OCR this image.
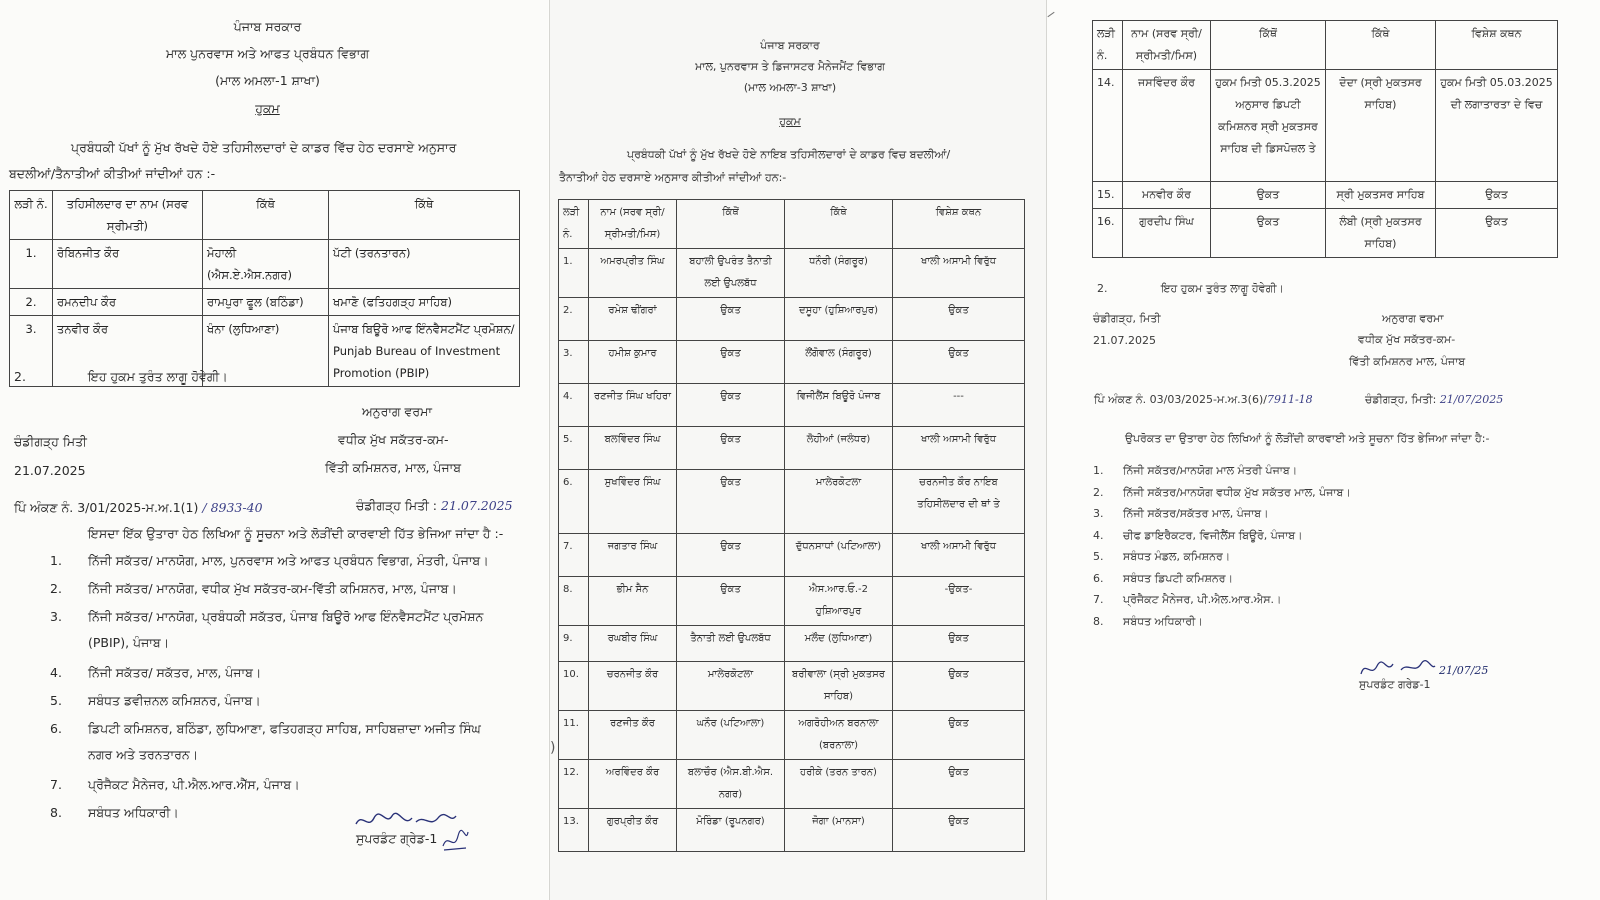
ਪੰਜਾਬ ਸਰਕਾਰ
ਮਾਲ ਪੁਨਰਵਾਸ ਅਤੇ ਆਫਤ ਪ੍ਰਬੰਧਨ ਵਿਭਾਗ
(ਮਾਲ ਅਮਲਾ-1 ਸ਼ਾਖਾ)
ਹੁਕਮ
ਪ੍ਰਬੰਧਕੀ ਪੱਖਾਂ ਨੂੰ ਮੁੱਖ ਰੱਖਦੇ ਹੋਏ ਤਹਿਸੀਲਦਾਰਾਂ ਦੇ ਕਾਡਰ ਵਿੱਚ ਹੇਠ ਦਰਸਾਏ ਅਨੁਸਾਰ
ਬਦਲੀਆਂ/ਤੈਨਾਤੀਆਂ ਕੀਤੀਆਂ ਜਾਂਦੀਆਂ ਹਨ :-
ਲੜੀ ਨੰ.	ਤਹਿਸੀਲਦਾਰ ਦਾ ਨਾਮ (ਸਰਵ ਸ੍ਰੀਮਤੀ)	ਕਿੱਥੋ	ਕਿੱਥੇ
1.	ਰੋਬਿਨਜੀਤ ਕੌਰ	ਮੋਹਾਲੀ (ਐਸ.ਏ.ਐਸ.ਨਗਰ)	ਪੱਟੀ (ਤਰਨਤਾਰਨ)
2.	ਰਮਨਦੀਪ ਕੌਰ	ਰਾਮਪੁਰਾ ਫੂਲ (ਬਠਿੰਡਾ)	ਖਮਾਣੋ (ਫਤਿਹਗੜ੍ਹ ਸਾਹਿਬ)
3.	ਤਨਵੀਰ ਕੌਰ	ਖੰਨਾ (ਲੁਧਿਆਣਾ)	ਪੰਜਾਬ ਬਿਊਰੋ ਆਫ ਇੰਨਵੈਸਟਮੈਂਟ ਪ੍ਰਮੋਸ਼ਨ/ Punjab Bureau of Investment Promotion (PBIP)
2.	ਇਹ ਹੁਕਮ ਤੁਰੰਤ ਲਾਗੂ ਹੋਵੇਗੀ।
ਅਨੁਰਾਗ ਵਰਮਾ
ਚੰਡੀਗੜ੍ਹ ਮਿਤੀ	ਵਧੀਕ ਮੁੱਖ ਸਕੱਤਰ-ਕਮ-
21.07.2025	ਵਿੱਤੀ ਕਮਿਸ਼ਨਰ, ਮਾਲ, ਪੰਜਾਬ
ਪਿੰ ਅੰਕਣ ਨੰ. 3/01/2025-ਮ.ਅ.1(1) / 8933-40	ਚੰਡੀਗੜ੍ਹ ਮਿਤੀ : 21.07.2025
ਇਸਦਾ ਇੱਕ ਉਤਾਰਾ ਹੇਠ ਲਿਖਿਆ ਨੂੰ ਸੂਚਨਾ ਅਤੇ ਲੋੜੀਂਦੀ ਕਾਰਵਾਈ ਹਿੱਤ ਭੇਜਿਆ ਜਾਂਦਾ ਹੈ :-
1. ਨਿੱਜੀ ਸਕੱਤਰ/ ਮਾਨਯੋਗ, ਮਾਲ, ਪੁਨਰਵਾਸ ਅਤੇ ਆਫਤ ਪ੍ਰਬੰਧਨ ਵਿਭਾਗ, ਮੰਤਰੀ, ਪੰਜਾਬ।
2. ਨਿੱਜੀ ਸਕੱਤਰ/ ਮਾਨਯੋਗ, ਵਧੀਕ ਮੁੱਖ ਸਕੱਤਰ-ਕਮ-ਵਿੱਤੀ ਕਮਿਸ਼ਨਰ, ਮਾਲ, ਪੰਜਾਬ।
3. ਨਿੱਜੀ ਸਕੱਤਰ/ ਮਾਨਯੋਗ, ਪ੍ਰਬੰਧਕੀ ਸਕੱਤਰ, ਪੰਜਾਬ ਬਿਊਰੋ ਆਫ ਇੰਨਵੈਸਟਮੈਂਟ ਪ੍ਰਮੋਸ਼ਨ
(PBIP), ਪੰਜਾਬ।
4. ਨਿੱਜੀ ਸਕੱਤਰ/ ਸਕੱਤਰ, ਮਾਲ, ਪੰਜਾਬ।
5. ਸਬੰਧਤ ਡਵੀਜ਼ਨਲ ਕਮਿਸ਼ਨਰ, ਪੰਜਾਬ।
6. ਡਿਪਟੀ ਕਮਿਸ਼ਨਰ, ਬਠਿੰਡਾ, ਲੁਧਿਆਣਾ, ਫਤਿਹਗੜ੍ਹ ਸਾਹਿਬ, ਸਾਹਿਬਜ਼ਾਦਾ ਅਜੀਤ ਸਿੰਘ
ਨਗਰ ਅਤੇ ਤਰਨਤਾਰਨ।
7. ਪ੍ਰੋਜੈਕਟ ਮੈਨੇਜਰ, ਪੀ.ਐਲ.ਆਰ.ਐੱਸ, ਪੰਜਾਬ।
8. ਸਬੰਧਤ ਅਧਿਕਾਰੀ।
ਸੁਪਰਡੰਟ ਗ੍ਰੇਡ-1
ਪੰਜਾਬ ਸਰਕਾਰ
ਮਾਲ, ਪੁਨਰਵਾਸ ਤੇ ਡਿਜਾਸਟਰ ਮੈਨੇਜਮੈਂਟ ਵਿਭਾਗ
(ਮਾਲ ਅਮਲਾ-3 ਸ਼ਾਖਾ)
ਹੁਕਮ
ਪ੍ਰਬੰਧਕੀ ਪੱਖਾਂ ਨੂੰ ਮੁੱਖ ਰੱਖਦੇ ਹੋਏ ਨਾਇਬ ਤਹਿਸੀਲਦਾਰਾਂ ਦੇ ਕਾਡਰ ਵਿਚ ਬਦਲੀਆਂ/
ਤੈਨਾਤੀਆਂ ਹੇਠ ਦਰਸਾਏ ਅਨੁਸਾਰ ਕੀਤੀਆਂ ਜਾਂਦੀਆਂ ਹਨ:-
ਲੜੀ ਨੰ.	ਨਾਮ (ਸਰਵ ਸ੍ਰੀ/ਸ੍ਰੀਮਤੀ/ਮਿਸ)	ਕਿੱਥੋਂ	ਕਿੱਥੇ	ਵਿਸ਼ੇਸ਼ ਕਥਨ
1.	ਅਮਰਪ੍ਰੀਤ ਸਿੰਘ	ਬਹਾਲੀ ਉਪਰੰਤ ਤੈਨਾਤੀ ਲਈ ਉਪਲਬੱਧ	ਧਨੌਰੀ (ਸੰਗਰੂਰ)	ਖਾਲੀ ਅਸਾਮੀ ਵਿਰੁੱਧ
2.	ਰਮੇਸ਼ ਢੀਂਗਰਾਂ	ਉਕਤ	ਦਸੂਹਾ (ਹੁਸ਼ਿਆਰਪੁਰ)	ਉਕਤ
3.	ਹਮੀਸ਼ ਕੁਮਾਰ	ਉਕਤ	ਲੌਂਗੋਵਾਲ (ਸੰਗਰੂਰ)	ਉਕਤ
4.	ਰਣਜੀਤ ਸਿੰਘ ਖਹਿਰਾ	ਉਕਤ	ਵਿਜੀਲੈਂਸ ਬਿਊਰੋ ਪੰਜਾਬ	---
5.	ਬਲਵਿੰਦਰ ਸਿੰਘ	ਉਕਤ	ਲੋਹੀਆਂ (ਜਲੰਧਰ)	ਖਾਲੀ ਅਸਾਮੀ ਵਿਰੁੱਧ
6.	ਸੁਖਵਿੰਦਰ ਸਿੰਘ	ਉਕਤ	ਮਾਲੇਰਕੋਟਲਾ	ਚਰਨਜੀਤ ਕੌਰ ਨਾਇਬ ਤਹਿਸੀਲਦਾਰ ਦੀ ਥਾਂ ਤੇ
7.	ਜਗਤਾਰ ਸਿੰਘ	ਉਕਤ	ਦੁੱਧਨਸਾਧਾਂ (ਪਟਿਆਲਾ)	ਖਾਲੀ ਅਸਾਮੀ ਵਿਰੁੱਧ
8.	ਭੀਮ ਸੈਨ	ਉਕਤ	ਐਸ.ਆਰ.ਓ.-2 ਹੁਸ਼ਿਆਰਪੁਰ	-ਉਕਤ-
9.	ਰਘਬੀਰ ਸਿੰਘ	ਤੈਨਾਤੀ ਲਈ ਉਪਲਬੱਧ	ਮਲੌਦ (ਲੁਧਿਆਣਾ)	ਉਕਤ
10.	ਚਰਨਜੀਤ ਕੌਰ	ਮਾਲੇਰਕੋਟਲਾ	ਬਰੀਵਾਲਾ (ਸ੍ਰੀ ਮੁਕਤਸਰ ਸਾਹਿਬ)	ਉਕਤ
11.	ਰਣਜੀਤ ਕੌਰ	ਘਨੌਰ (ਪਟਿਆਲਾ)	ਅਗਰੋਹੀਅਨ ਬਰਨਾਲਾ (ਬਰਨਾਲਾ)	ਉਕਤ
12.	ਅਰਵਿੰਦਰ ਕੌਰ	ਬਲਾਚੌਰ (ਐਸ.ਬੀ.ਐਸ. ਨਗਰ)	ਹਰੀਕੇ (ਤਰਨ ਤਾਰਨ)	ਉਕਤ
13.	ਗੁਰਪ੍ਰੀਤ ਕੌਰ	ਮੋਰਿੰਡਾ (ਰੂਪਨਗਰ)	ਜੋਗਾ (ਮਾਨਸਾ)	ਉਕਤ
)
ਲੜੀ ਨੰ.	ਨਾਮ (ਸਰਵ ਸ੍ਰੀ/ਸ੍ਰੀਮਤੀ/ਮਿਸ)	ਕਿੱਥੋਂ	ਕਿੱਥੇ	ਵਿਸ਼ੇਸ਼ ਕਥਨ
14.	ਜਸਵਿੰਦਰ ਕੌਰ	ਹੁਕਮ ਮਿਤੀ 05.3.2025 ਅਨੁਸਾਰ ਡਿਪਟੀ ਕਮਿਸ਼ਨਰ ਸ੍ਰੀ ਮੁਕਤਸਰ ਸਾਹਿਬ ਦੀ ਡਿਸਪੋਜ਼ਲ ਤੇ	ਦੋਦਾ (ਸ੍ਰੀ ਮੁਕਤਸਰ ਸਾਹਿਬ)	ਹੁਕਮ ਮਿਤੀ 05.03.2025 ਦੀ ਲਗਾਤਾਰਤਾ ਦੇ ਵਿਚ
15.	ਮਨਵੀਰ ਕੌਰ	ਉਕਤ	ਸ੍ਰੀ ਮੁਕਤਸਰ ਸਾਹਿਬ	ਉਕਤ
16.	ਗੁਰਦੀਪ ਸਿੰਘ	ਉਕਤ	ਲੰਬੀ (ਸ੍ਰੀ ਮੁਕਤਸਰ ਸਾਹਿਬ)	ਉਕਤ
2.	ਇਹ ਹੁਕਮ ਤੁਰੰਤ ਲਾਗੂ ਹੋਵੇਗੀ।
ਚੰਡੀਗੜ੍ਹ, ਮਿਤੀ	ਅਨੁਰਾਗ ਵਰਮਾ
21.07.2025	ਵਧੀਕ ਮੁੱਖ ਸਕੱਤਰ-ਕਮ-
ਵਿੱਤੀ ਕਮਿਸ਼ਨਰ ਮਾਲ, ਪੰਜਾਬ
ਪਿੰ ਅੰਕਣ ਨੰ. 03/03/2025-ਮ.ਅ.3(6)/7911-18	ਚੰਡੀਗੜ੍ਹ, ਮਿਤੀ: 21/07/2025
ਉਪਰੋਕਤ ਦਾ ਉਤਾਰਾ ਹੇਠ ਲਿਖਿਆਂ ਨੂੰ ਲੋੜੀਂਦੀ ਕਾਰਵਾਈ ਅਤੇ ਸੂਚਨਾ ਹਿੱਤ ਭੇਜਿਆ ਜਾਂਦਾ ਹੈ:-
1. ਨਿੱਜੀ ਸਕੱਤਰ/ਮਾਨਯੋਗ ਮਾਲ ਮੰਤਰੀ ਪੰਜਾਬ।
2. ਨਿੱਜੀ ਸਕੱਤਰ/ਮਾਨਯੋਗ ਵਧੀਕ ਮੁੱਖ ਸਕੱਤਰ ਮਾਲ, ਪੰਜਾਬ।
3. ਨਿੱਜੀ ਸਕੱਤਰ/ਸਕੱਤਰ ਮਾਲ, ਪੰਜਾਬ।
4. ਚੀਫ ਡਾਇਰੈਕਟਰ, ਵਿਜੀਲੈਂਸ ਬਿਊਰੋ, ਪੰਜਾਬ।
5. ਸਬੰਧਤ ਮੰਡਲ, ਕਮਿਸ਼ਨਰ।
6. ਸਬੰਧਤ ਡਿਪਟੀ ਕਮਿਸ਼ਨਰ।
7. ਪ੍ਰੋਜੈਕਟ ਮੈਨੇਜਰ, ਪੀ.ਐਲ.ਆਰ.ਐਸ.।
8. ਸਬੰਧਤ ਅਧਿਕਾਰੀ।
21/07/25
ਸੁਪਰਡੰਟ ਗਰੇਡ-1
